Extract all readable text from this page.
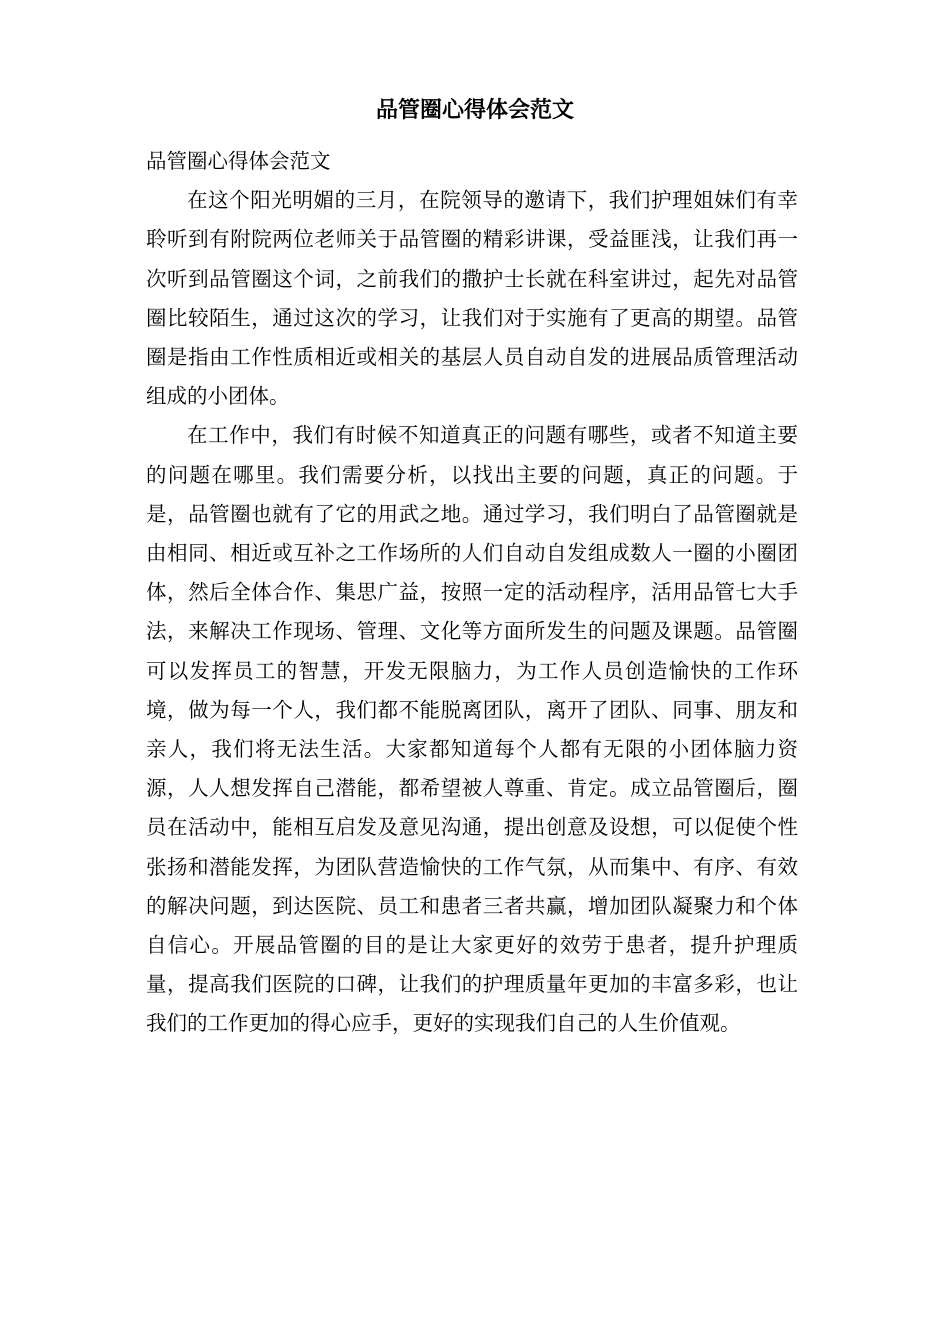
品管圈心得体会范文

品管圈心得体会范文

在这个阳光明媚的三月，在院领导的邀请下，我们护理姐妹们有幸聆听到有附院两位老师关于品管圈的精彩讲课，受益匪浅，让我们再一次听到品管圈这个词，之前我们的撒护士长就在科室讲过，起先对品管圈比较陌生，通过这次的学习，让我们对于实施有了更高的期望。品管圈是指由工作性质相近或相关的基层人员自动自发的进展品质管理活动组成的小团体。

在工作中，我们有时候不知道真正的问题有哪些，或者不知道主要的问题在哪里。我们需要分析，以找出主要的问题，真正的问题。于是，品管圈也就有了它的用武之地。通过学习，我们明白了品管圈就是由相同、相近或互补之工作场所的人们自动自发组成数人一圈的小圈团体，然后全体合作、集思广益，按照一定的活动程序，活用品管七大手法，来解决工作现场、管理、文化等方面所发生的问题及课题。品管圈可以发挥员工的智慧，开发无限脑力，为工作人员创造愉快的工作环境，做为每一个人，我们都不能脱离团队，离开了团队、同事、朋友和亲人，我们将无法生活。大家都知道每个人都有无限的小团体脑力资源，人人想发挥自己潜能，都希望被人尊重、肯定。成立品管圈后，圈员在活动中，能相互启发及意见沟通，提出创意及设想，可以促使个性张扬和潜能发挥，为团队营造愉快的工作气氛，从而集中、有序、有效的解决问题，到达医院、员工和患者三者共赢，增加团队凝聚力和个体自信心。开展品管圈的目的是让大家更好的效劳于患者，提升护理质量，提高我们医院的口碑，让我们的护理质量年更加的丰富多彩，也让我们的工作更加的得心应手，更好的实现我们自己的人生价值观。
